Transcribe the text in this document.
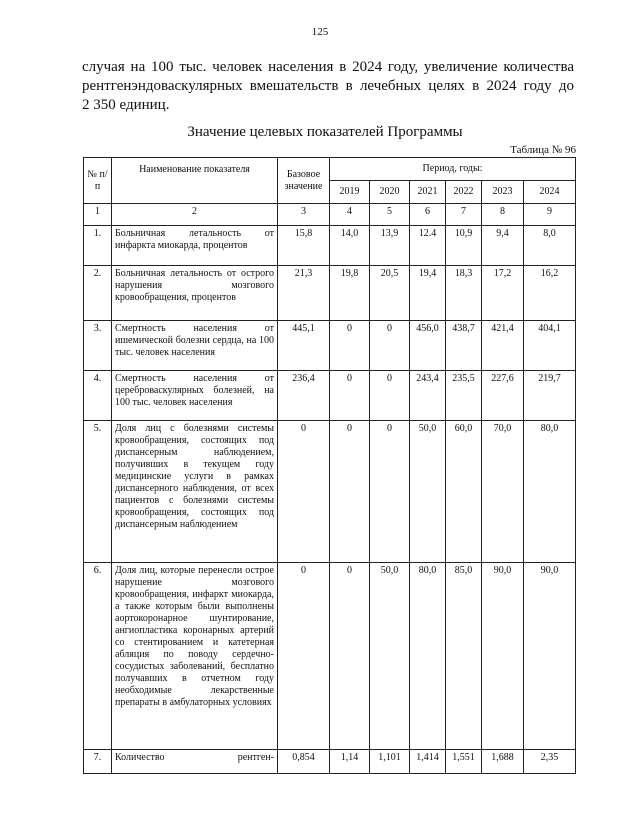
125
случая на 100 тыс. человек населения в 2024 году, увеличение количества
рентгенэндоваскулярных вмешательств в лечебных целях в 2024 году до
2 350 единиц.
Значение целевых показателей Программы
Таблица № 96
№ п/п	Наименование показателя	Базовое значение	Период, годы:					
			2019	2020	2021	2022	2023	2024
1	2	3	4	5	6	7	8	9
1.	Больничная летальность от инфаркта миокарда, процентов	15,8	14,0	13,9	12.4	10,9	9,4	8,0
2.	Больничная летальность от острого нарушения мозгового кровообращения, процентов	21,3	19,8	20,5	19,4	18,3	17,2	16,2
3.	Смертность населения от ишемической болезни сердца, на 100 тыс. человек населения	445,1	0	0	456,0	438,7	421,4	404,1
4.	Смертность населения от цереброваскулярных болезней, на 100 тыс. человек населения	236,4	0	0	243,4	235,5	227,6	219,7
5.	Доля лиц с болезнями системы кровообращения, состоящих под диспансерным наблюдением, получивших в текущем году медицинские услуги в рамках диспансерного наблюдения, от всех пациентов с болезнями системы кровообращения, состоящих под диспансерным наблюдением	0	0	0	50,0	60,0	70,0	80,0
6.	Доля лиц, которые перенесли острое нарушение мозгового кровообращения, инфаркт миокарда, а также которым были выполнены аортокоронарное шунтирование, ангиопластика коронарных артерий со стентированием и катетерная абляция по поводу сердечно-сосудистых заболеваний, бесплатно получавших в отчетном году необходимые лекарственные препараты в амбулаторных условиях	0	0	50,0	80,0	85,0	90,0	90,0
7.	Количество рентген-	0,854	1,14	1,101	1,414	1,551	1,688	2,35
